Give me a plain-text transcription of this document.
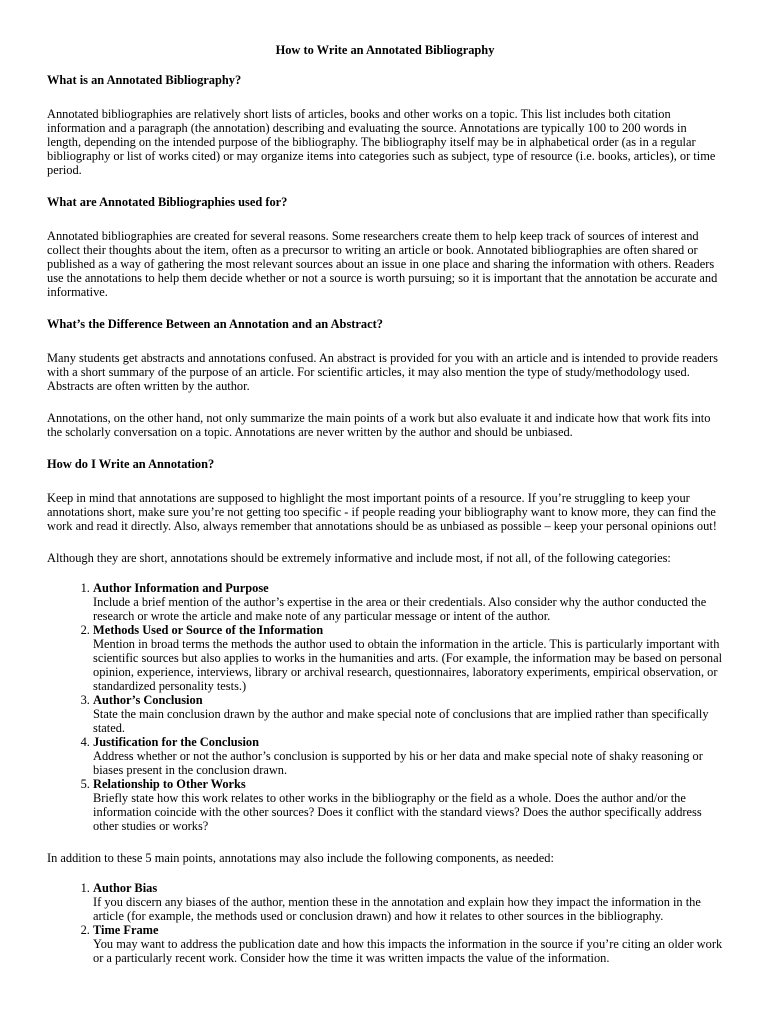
How to Write an Annotated Bibliography
What is an Annotated Bibliography?

Annotated bibliographies are relatively short lists of articles, books and other works on a topic. This list includes both citation information and a paragraph (the annotation) describing and evaluating the source. Annotations are typically 100 to 200 words in length, depending on the intended purpose of the bibliography. The bibliography itself may be in alphabetical order (as in a regular bibliography or list of works cited) or may organize items into categories such as subject, type of resource (i.e. books, articles), or time period.

What are Annotated Bibliographies used for?

Annotated bibliographies are created for several reasons. Some researchers create them to help keep track of sources of interest and collect their thoughts about the item, often as a precursor to writing an article or book. Annotated bibliographies are often shared or published as a way of gathering the most relevant sources about an issue in one place and sharing the information with others. Readers use the annotations to help them decide whether or not a source is worth pursuing; so it is important that the annotation be accurate and informative.

What’s the Difference Between an Annotation and an Abstract?

Many students get abstracts and annotations confused. An abstract is provided for you with an article and is intended to provide readers with a short summary of the purpose of an article. For scientific articles, it may also mention the type of study/methodology used. Abstracts are often written by the author.

Annotations, on the other hand, not only summarize the main points of a work but also evaluate it and indicate how that work fits into the scholarly conversation on a topic. Annotations are never written by the author and should be unbiased.

How do I Write an Annotation?

Keep in mind that annotations are supposed to highlight the most important points of a resource. If you’re struggling to keep your annotations short, make sure you’re not getting too specific - if people reading your bibliography want to know more, they can find the work and read it directly. Also, always remember that annotations should be as unbiased as possible – keep your personal opinions out!

Although they are short, annotations should be extremely informative and include most, if not all, of the following categories:

1. Author Information and Purpose
Include a brief mention of the author’s expertise in the area or their credentials. Also consider why the author conducted the research or wrote the article and make note of any particular message or intent of the author.
2. Methods Used or Source of the Information
Mention in broad terms the methods the author used to obtain the information in the article. This is particularly important with scientific sources but also applies to works in the humanities and arts. (For example, the information may be based on personal opinion, experience, interviews, library or archival research, questionnaires, laboratory experiments, empirical observation, or standardized personality tests.)
3. Author’s Conclusion
State the main conclusion drawn by the author and make special note of conclusions that are implied rather than specifically stated.
4. Justification for the Conclusion
Address whether or not the author’s conclusion is supported by his or her data and make special note of shaky reasoning or biases present in the conclusion drawn.
5. Relationship to Other Works
Briefly state how this work relates to other works in the bibliography or the field as a whole. Does the author and/or the information coincide with the other sources? Does it conflict with the standard views? Does the author specifically address other studies or works?

In addition to these 5 main points, annotations may also include the following components, as needed:

1. Author Bias
If you discern any biases of the author, mention these in the annotation and explain how they impact the information in the article (for example, the methods used or conclusion drawn) and how it relates to other sources in the bibliography.
2. Time Frame
You may want to address the publication date and how this impacts the information in the source if you’re citing an older work or a particularly recent work. Consider how the time it was written impacts the value of the information.
